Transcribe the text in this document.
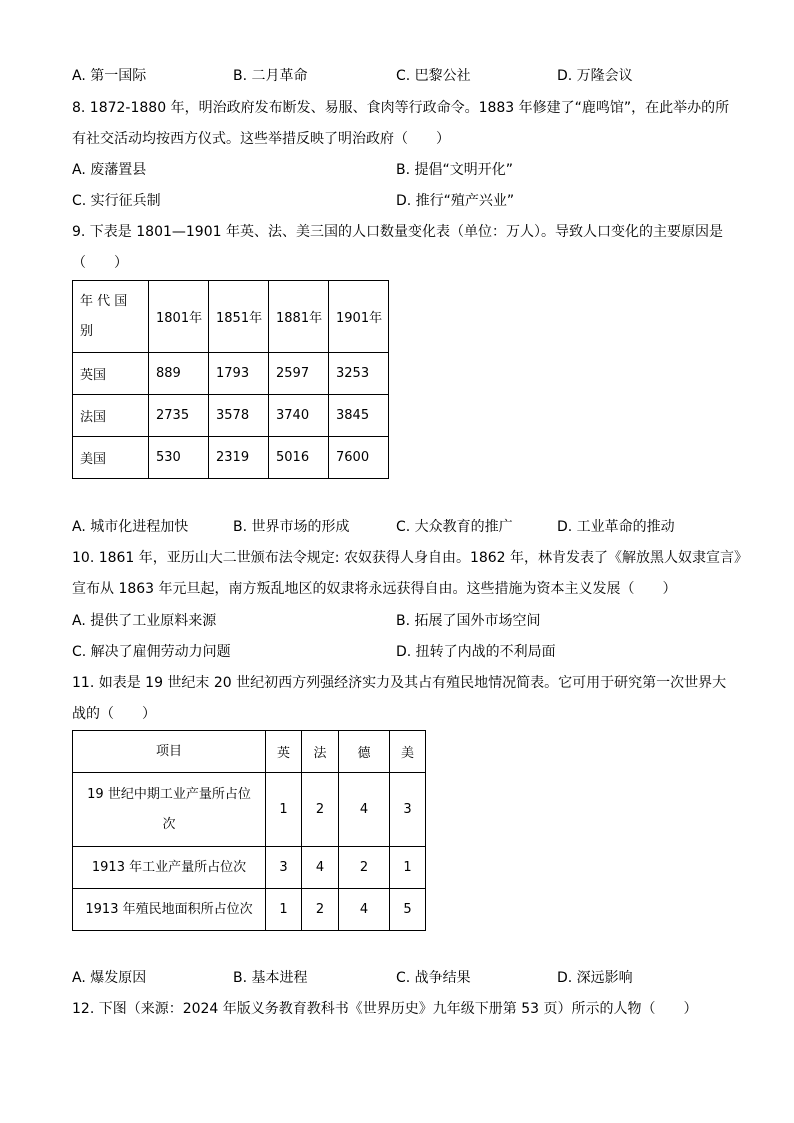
A. 第一国际	B. 二月革命	C. 巴黎公社	D. 万隆会议
8. 1872-1880 年，明治政府发布断发、易服、食肉等行政命令。1883 年修建了“鹿鸣馆”，在此举办的所
有社交活动均按西方仪式。这些举措反映了明治政府（　　）
A. 废藩置县	B. 提倡“文明开化”
C. 实行征兵制	D. 推行“殖产兴业”
9. 下表是 1801—1901 年英、法、美三国的人口数量变化表（单位：万人）。导致人口变化的主要原因是
（　　）
年 代 国
别	1801年	1851年	1881年	1901年
英国	889	1793	2597	3253
法国	2735	3578	3740	3845
美国	530	2319	5016	7600
A. 城市化进程加快	B. 世界市场的形成	C. 大众教育的推广	D. 工业革命的推动
10. 1861 年，亚历山大二世颁布法令规定: 农奴获得人身自由。1862 年，林肯发表了《解放黑人奴隶宣言》
宣布从 1863 年元旦起，南方叛乱地区的奴隶将永远获得自由。这些措施为资本主义发展（　　）
A. 提供了工业原料来源	B. 拓展了国外市场空间
C. 解决了雇佣劳动力问题	D. 扭转了内战的不利局面
11. 如表是 19 世纪末 20 世纪初西方列强经济实力及其占有殖民地情况简表。它可用于研究第一次世界大
战的（　　）
项目	英	法	德	美
19 世纪中期工业产量所占位
次	1	2	4	3
1913 年工业产量所占位次	3	4	2	1
1913 年殖民地面积所占位次	1	2	4	5
A. 爆发原因	B. 基本进程	C. 战争结果	D. 深远影响
12. 下图（来源：2024 年版义务教育教科书《世界历史》九年级下册第 53 页）所示的人物（　　）
